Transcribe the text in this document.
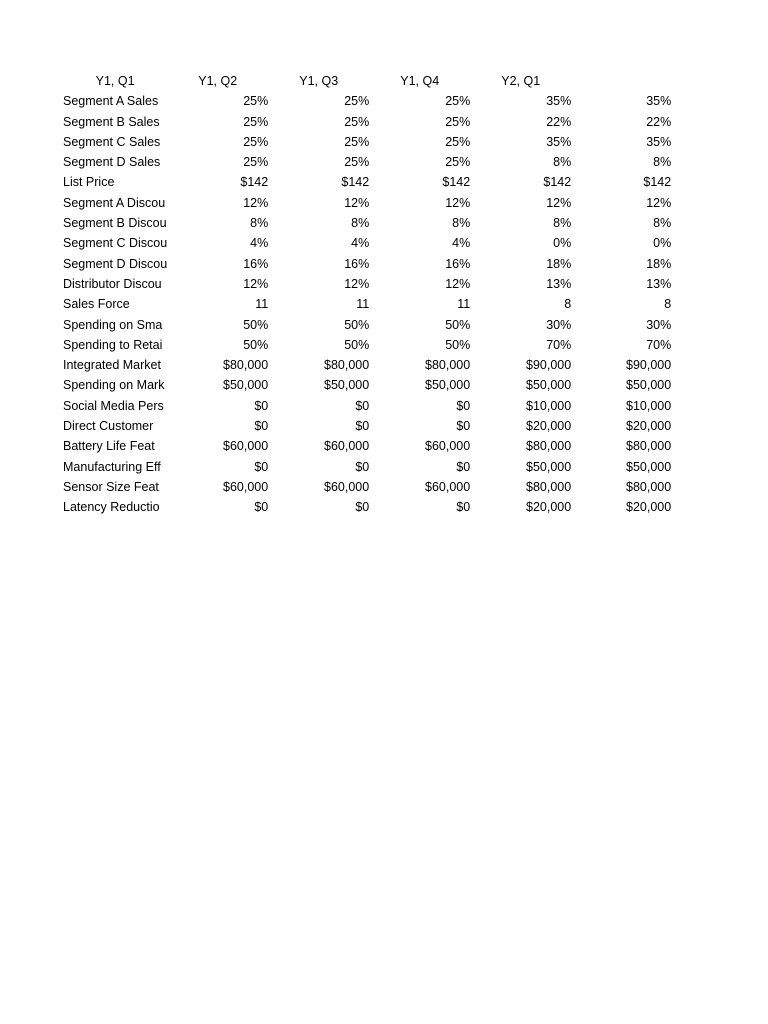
Y1, Q1	Y1, Q2	Y1, Q3	Y1, Q4	Y2, Q1	
Segment A Sales	25%	25%	25%	35%	35%
Segment B Sales	25%	25%	25%	22%	22%
Segment C Sales	25%	25%	25%	35%	35%
Segment D Sales	25%	25%	25%	8%	8%
List Price	$142	$142	$142	$142	$142
Segment A Discou	12%	12%	12%	12%	12%
Segment B Discou	8%	8%	8%	8%	8%
Segment C Discou	4%	4%	4%	0%	0%
Segment D Discou	16%	16%	16%	18%	18%
Distributor Discou	12%	12%	12%	13%	13%
Sales Force	11	11	11	8	8
Spending on Sma	50%	50%	50%	30%	30%
Spending to Retai	50%	50%	50%	70%	70%
Integrated Market	$80,000	$80,000	$80,000	$90,000	$90,000
Spending on Mark	$50,000	$50,000	$50,000	$50,000	$50,000
Social Media Pers	$0	$0	$0	$10,000	$10,000
Direct Customer	$0	$0	$0	$20,000	$20,000
Battery Life Feat	$60,000	$60,000	$60,000	$80,000	$80,000
Manufacturing Eff	$0	$0	$0	$50,000	$50,000
Sensor Size Feat	$60,000	$60,000	$60,000	$80,000	$80,000
Latency Reductio	$0	$0	$0	$20,000	$20,000
